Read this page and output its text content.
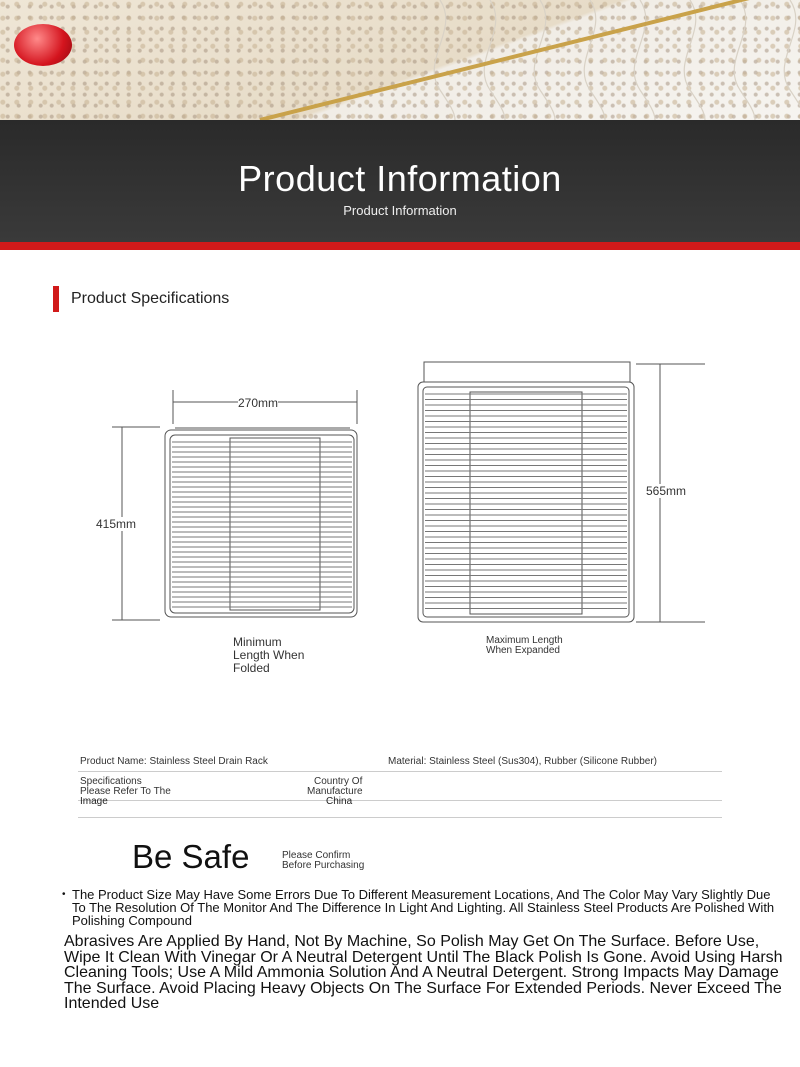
Product Information
Product Information
Product Specifications
270mm
415mm
565mm
Minimum
Length When
Folded
Maximum Length
When Expanded
Product Name: Stainless Steel Drain Rack	Material: Stainless Steel (Sus304), Rubber (Silicone Rubber)
Specifications	Country Of
Please Refer To The	Manufacture
Image	China
Be Safe	Please Confirm
Before Purchasing
• The Product Size May Have Some Errors Due To Different Measurement Locations, And The Color May Vary Slightly Due To The Resolution Of The Monitor And The Difference In Light And Lighting. All Stainless Steel Products Are Polished With Polishing Compound

Abrasives Are Applied By Hand, Not By Machine, So Polish May Get On The Surface. Before Use, Wipe It Clean With Vinegar Or A Neutral Detergent Until The Black Polish Is Gone. Avoid Using Harsh Cleaning Tools; Use A Mild Ammonia Solution And A Neutral Detergent. Strong Impacts May Damage The Surface. Avoid Placing Heavy Objects On The Surface For Extended Periods. Never Exceed The Intended Use
